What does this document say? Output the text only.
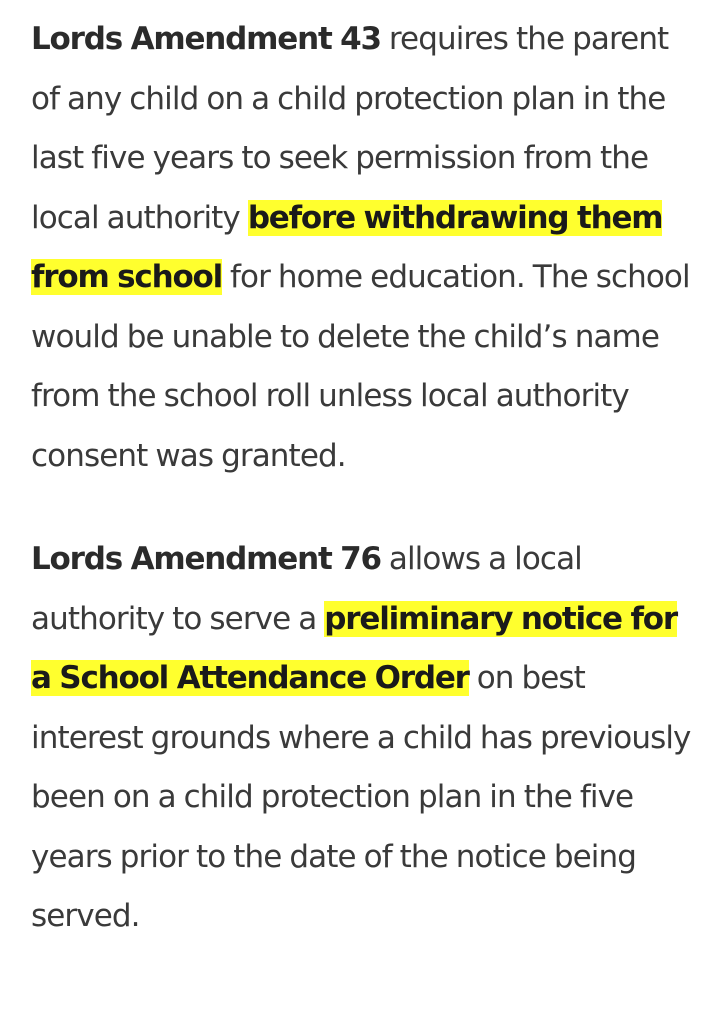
Lords Amendment 43 requires the parent of any child on a child protection plan in the last five years to seek permission from the local authority before withdrawing them from school for home education. The school would be unable to delete the child’s name from the school roll unless local authority consent was granted.

Lords Amendment 76 allows a local authority to serve a preliminary notice for a School Attendance Order on best interest grounds where a child has previously been on a child protection plan in the five years prior to the date of the notice being served.
